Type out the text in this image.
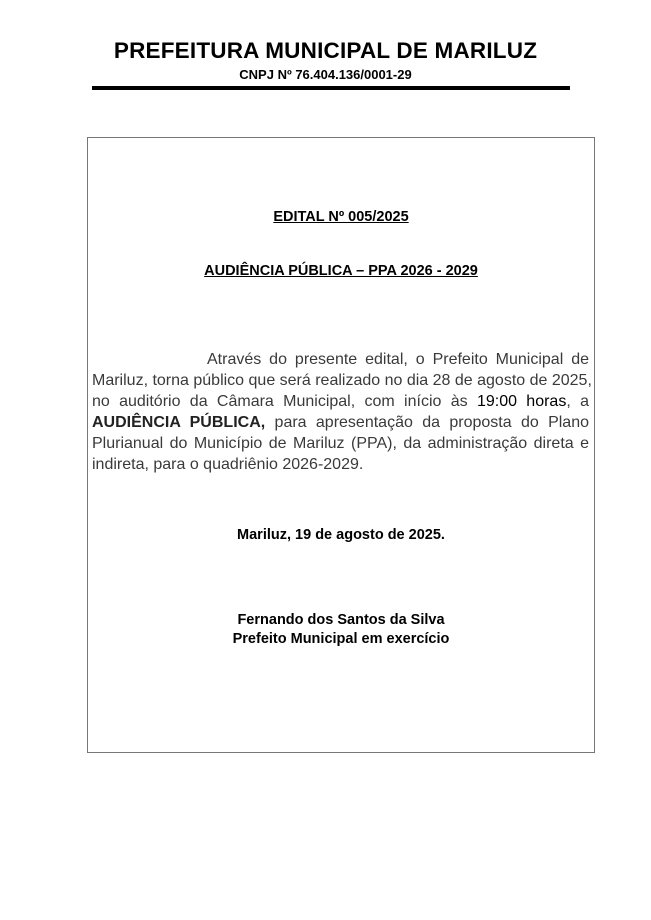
PREFEITURA MUNICIPAL DE MARILUZ
CNPJ Nº 76.404.136/0001-29
EDITAL Nº 005/2025
AUDIÊNCIA PÚBLICA – PPA 2026 - 2029
Através do presente edital, o Prefeito Municipal de
Mariluz, torna público que será realizado no dia 28 de agosto de 2025,
no auditório da Câmara Municipal, com início às 19:00 horas, a
AUDIÊNCIA PÚBLICA, para apresentação da proposta do Plano
Plurianual do Município de Mariluz (PPA), da administração direta e
indireta, para o quadriênio 2026-2029.
Mariluz, 19 de agosto de 2025.
Fernando dos Santos da Silva
Prefeito Municipal em exercício
